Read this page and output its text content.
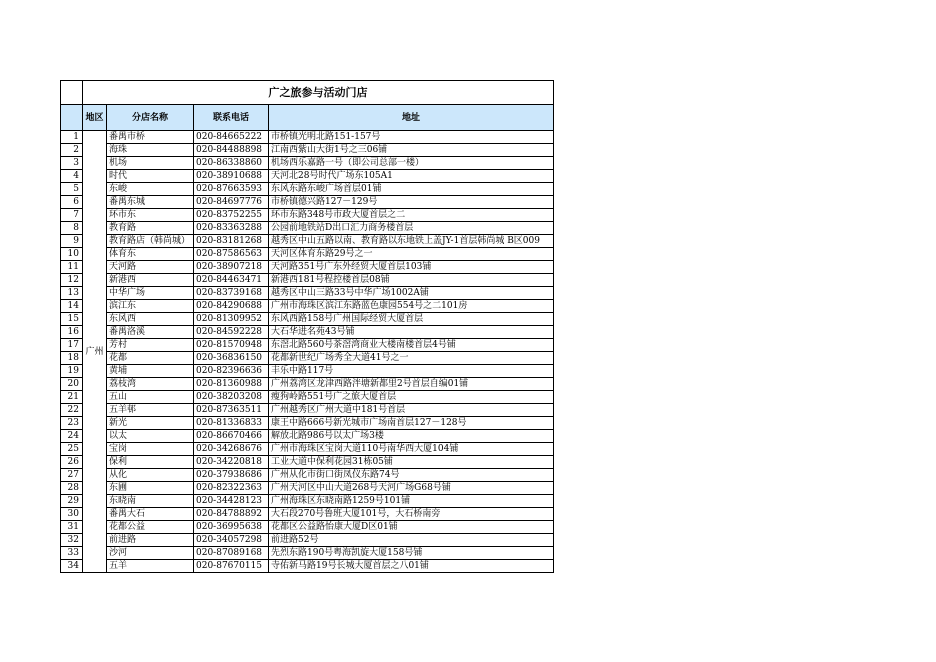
	广之旅参与活动门店			
	地区	分店名称	联系电话	地址
1	广州	番禺市桥	020-84665222	市桥镇光明北路151-157号
2		海珠	020-84488898	江南西紫山大街1号之三06铺
3		机场	020-86338860	机场西乐嘉路一号（即公司总部一楼）
4		时代	020-38910688	天河北28号时代广场东105A1
5		东峻	020-87663593	东风东路东峻广场首层01铺
6		番禺东城	020-84697776	市桥镇德兴路127－129号
7		环市东	020-83752255	环市东路348号市政大厦首层之二
8		教育路	020-83363288	公园前地铁站D出口汇力商务楼首层
9		教育路店（韩尚城）	020-83181268	越秀区中山五路以南、教育路以东地铁上盖JY-1首层韩尚城 B区009
10		体育东	020-87586563	天河区体育东路29号之一
11		天河路	020-38907218	天河路351号广东外经贸大厦首层103铺
12		新港西	020-84463471	新港西181号程控楼首层08铺
13		中华广场	020-83739168	越秀区中山三路33号中华广场1002A铺
14		滨江东	020-84290688	广州市海珠区滨江东路蓝色康园554号之二101房
15		东风西	020-81309952	东风西路158号广州国际经贸大厦首层
16		番禺洛溪	020-84592228	大石华进名苑43号铺
17		芳村	020-81570948	东滘北路560号茶滘湾商业大楼南楼首层4号铺
18		花都	020-36836150	花都新世纪广场秀全大道41号之一
19		黄埔	020-82396636	丰乐中路117号
20		荔枝湾	020-81360988	广州荔湾区龙津西路泮塘新都里2号首层自编01铺
21		五山	020-38203208	瘦狗岭路551号广之旅大厦首层
22		五羊邨	020-87363511	广州越秀区广州大道中181号首层
23		新光	020-81336833	康王中路666号新光城市广场南首层127－128号
24		以太	020-86670466	解放北路986号以太广场3楼
25		宝岗	020-34268676	广州市海珠区宝岗大道110号南华西大厦104铺
26		保利	020-34220818	工业大道中保利花园31栋05铺
27		从化	020-37938686	广州从化市街口街凤仪东路74号
28		东圃	020-82322363	广州天河区中山大道268号天河广场G68号铺
29		东晓南	020-34428123	广州海珠区东晓南路1259号101铺
30		番禺大石	020-84788892	大石段270号鲁班大厦101号，大石桥南旁
31		花都公益	020-36995638	花都区公益路怡康大厦D区01铺
32		前进路	020-34057298	前进路52号
33		沙河	020-87089168	先烈东路190号粤海凯旋大厦158号铺
34		五羊	020-87670115	寺佑新马路19号长城大厦首层之八01铺
